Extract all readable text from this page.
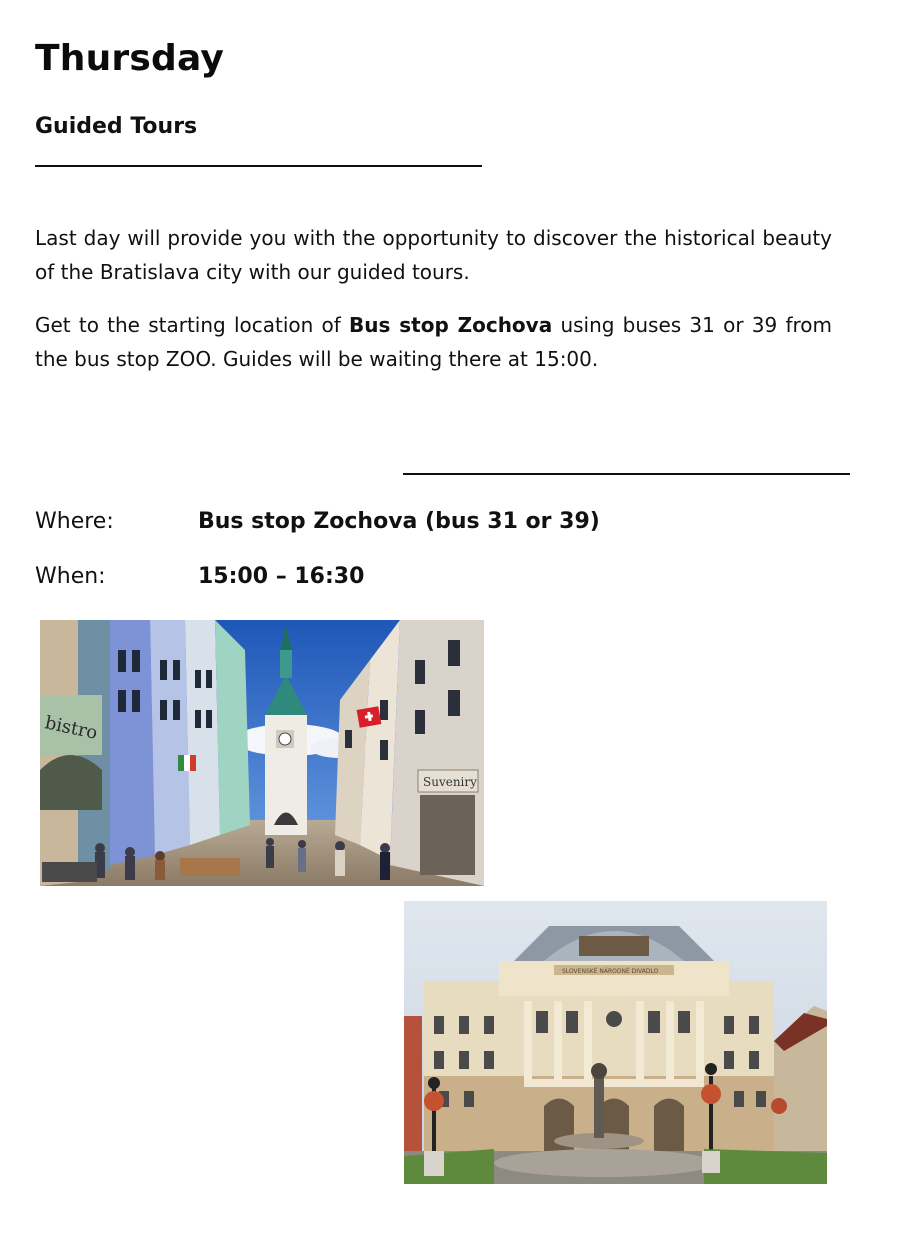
Thursday
Guided Tours

Last day will provide you with the opportunity to discover the historical beauty of the Bratislava city with our guided tours.

Get to the starting location of Bus stop Zochova using buses 31 or 39 from the bus stop ZOO. Guides will be waiting there at 15:00.

Where:	Bus stop Zochova (bus 31 or 39)
When:	15:00 – 16:30
bistro
Suveniry
SLOVENSKÉ NÁRODNÉ DIVADLO
